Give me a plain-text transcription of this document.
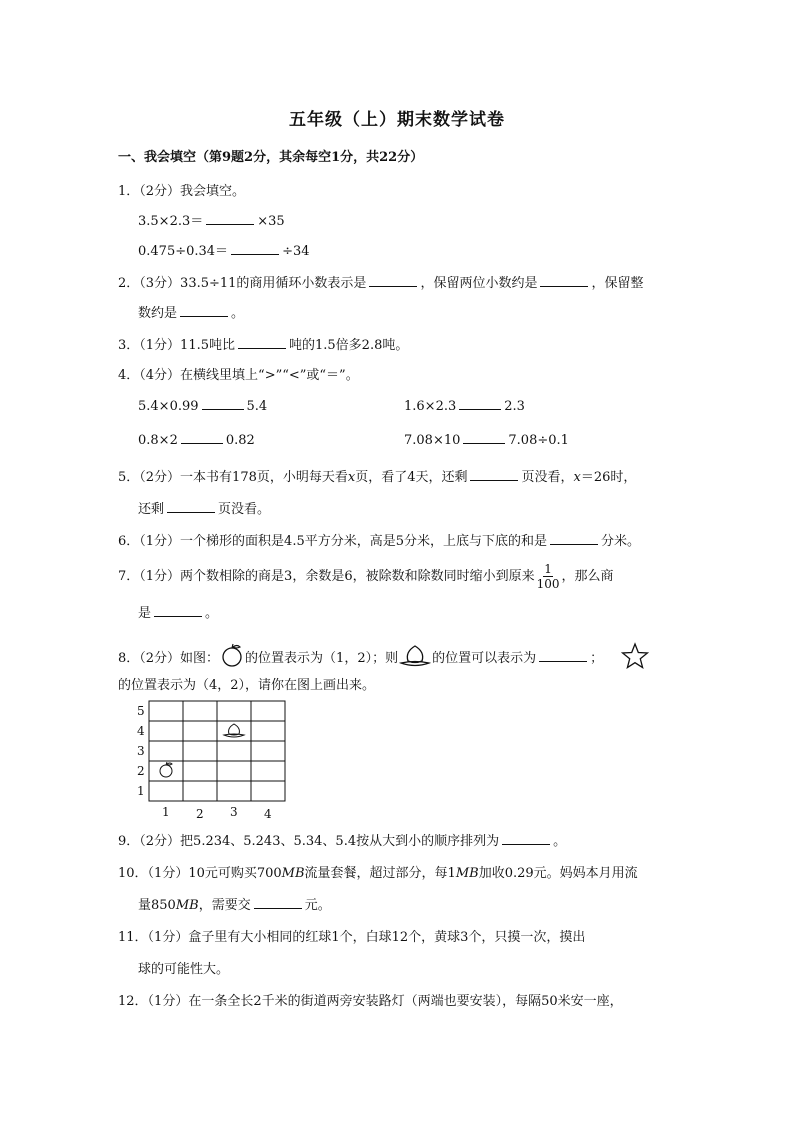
五年级（上）期末数学试卷
一、我会填空（第9题2分，其余每空1分，共22分）
1．（2分）我会填空。
3.5×2.3＝	×35
0.475÷0.34＝	÷34
2．（3分）33.5÷11的商用循环小数表示是	，保留两位小数约是	，保留整
数约是	。
3．（1分）11.5吨比	吨的1.5倍多2.8吨。
4．（4分）在横线里填上“>”“<”或“＝”。
5.4×0.99	5.4	1.6×2.3	2.3
0.8×2	0.82	7.08×10	7.08÷0.1
5．（2分）一本书有178页，小明每天看x页，看了4天，还剩	页没看，x＝26时，
还剩	页没看。
6．（1分）一个梯形的面积是4.5平方分米，高是5分米，上底与下底的和是	分米。
7．（1分）两个数相除的商是3，余数是6，被除数和除数同时缩小到原来 $\frac{1}{100}$ ，那么商
是	。
8．（2分）如图： 的位置表示为（1，2）；则	的位置可以表示为	；
的位置表示为（4，2），请你在图上画出来。
5
4
3
2
1
1 2 3 4
9．（2分）把5.234、5.243、5.34、5.4按从大到小的顺序排列为	。
10．（1分）10元可购买700MB流量套餐，超过部分，每1MB加收0.29元。妈妈本月用流
量850MB，需要交	元。
11．（1分）盒子里有大小相同的红球1个，白球12个，黄球3个，只摸一次，摸出
球的可能性大。
12．（1分）在一条全长2千米的街道两旁安装路灯（两端也要安装），每隔50米安一座，
